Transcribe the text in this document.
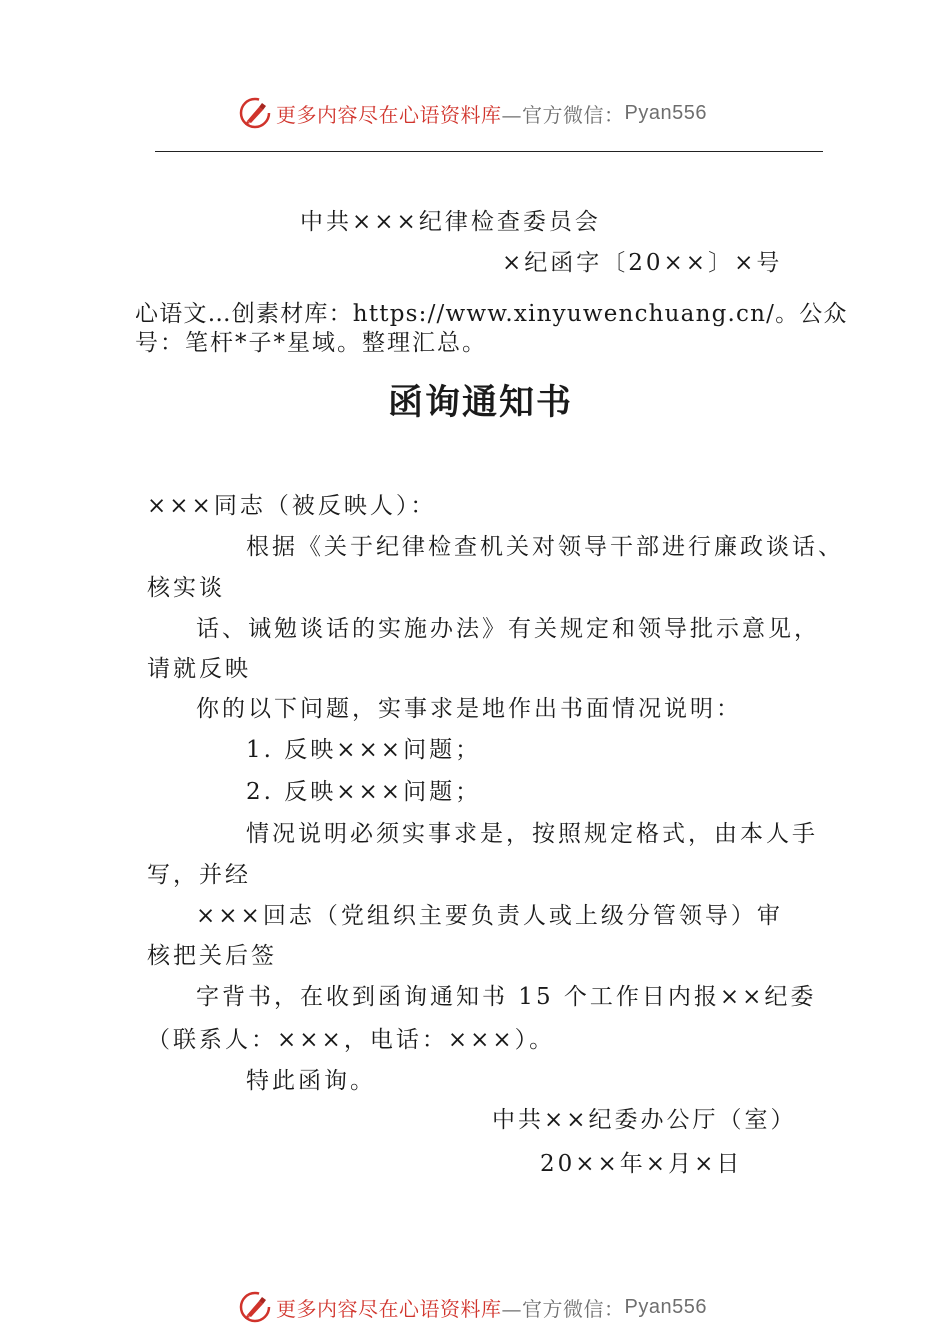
更多内容尽在心语资料库 —官方微信： Pyan556
中共×××纪律检查委员会
×纪函字〔20××〕×号
心语文…创素材库：https://www.xinyuwenchuang.cn/。公众
号：笔杆*子*星域。整理汇总。
函询通知书
×××同志（被反映人）：
根据《关于纪律检查机关对领导干部进行廉政谈话、
核实谈
话、诫勉谈话的实施办法》有关规定和领导批示意见，
请就反映
你的以下问题，实事求是地作出书面情况说明：
1. 反映×××问题；
2. 反映×××问题；
情况说明必须实事求是，按照规定格式，由本人手
写，并经
×××回志（党组织主要负责人或上级分管领导）审
核把关后签
字背书，在收到函询通知书 15 个工作日内报××纪委
（联系人：×××，电话：×××）。
特此函询。
中共××纪委办公厅（室）
20××年×月×日
更多内容尽在心语资料库 —官方微信： Pyan556
